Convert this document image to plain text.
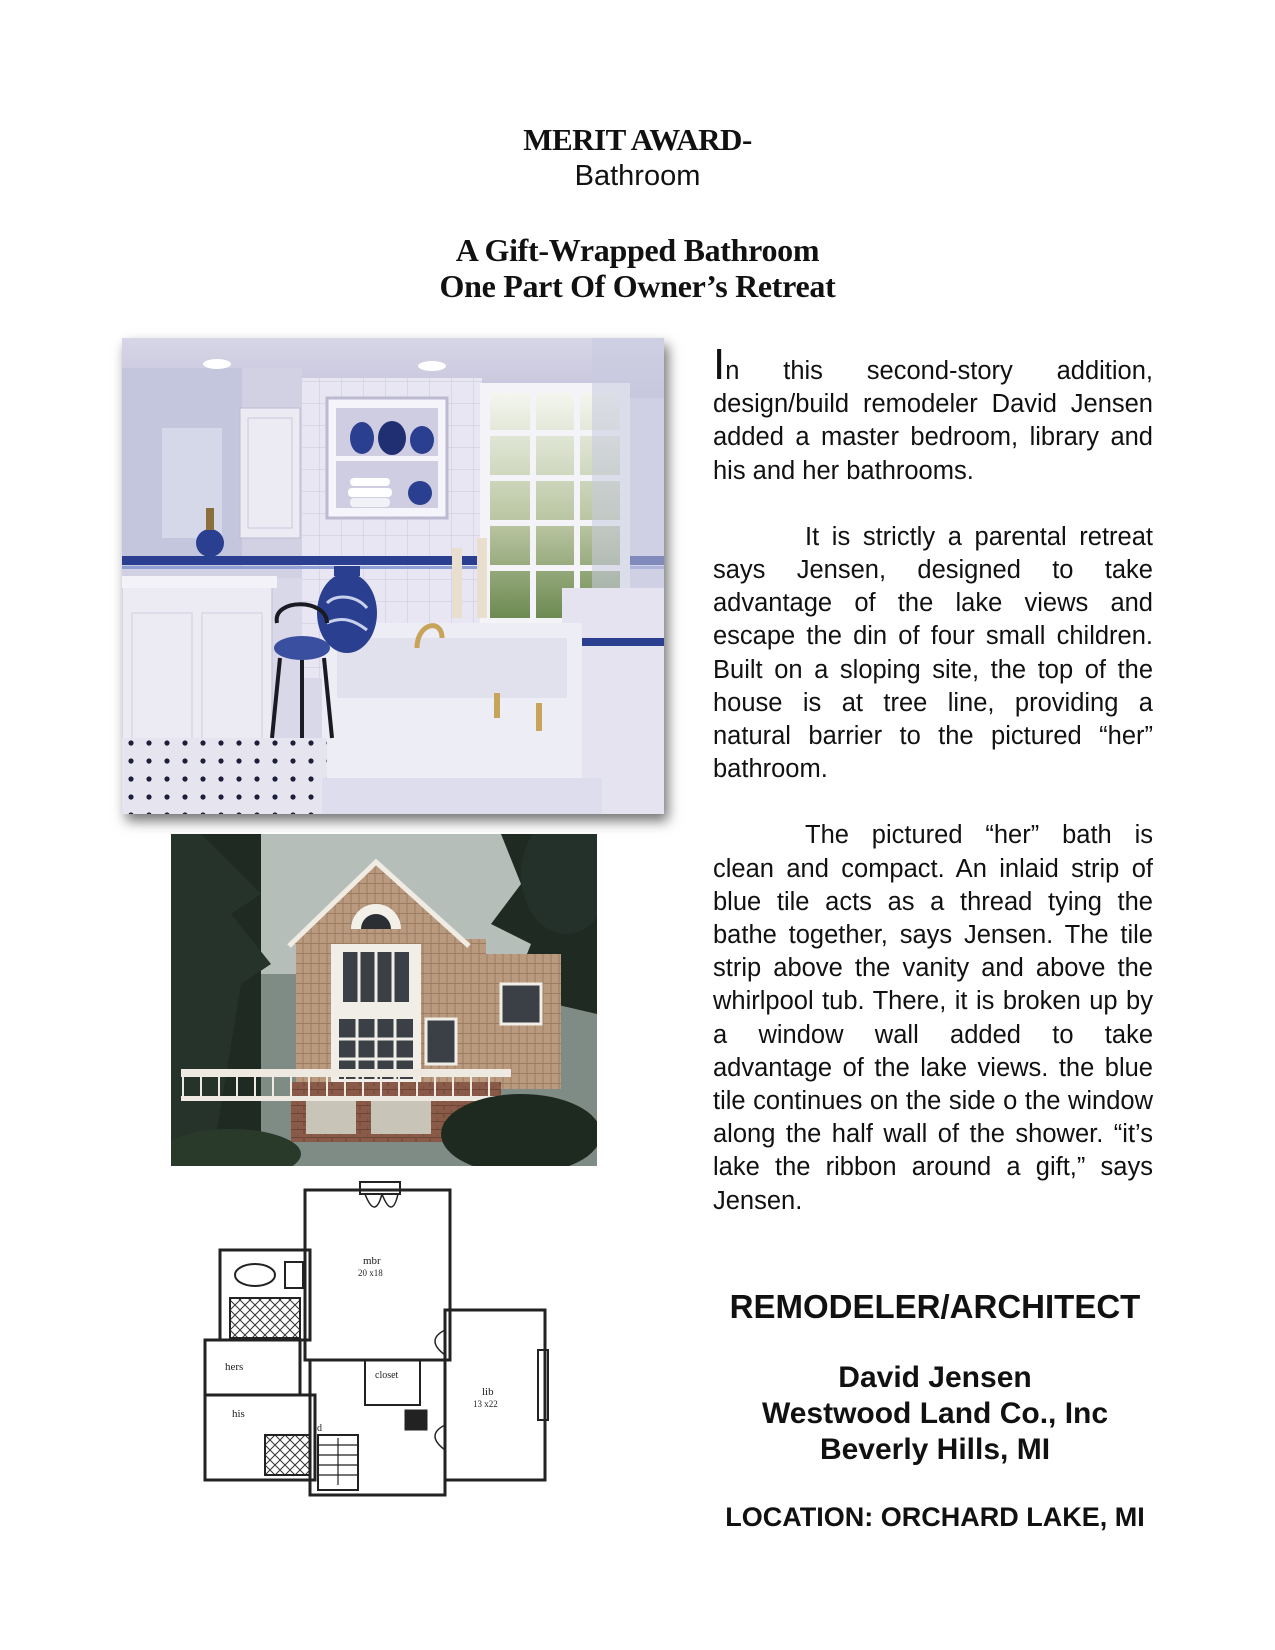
MERIT AWARD-
Bathroom
A Gift-Wrapped Bathroom
One Part Of Owner’s Retreat
mbr
20 x18
hers
his
closet
lib
13 x22
d

In this second-story addition, design/build remodeler David Jensen added a master bedroom, library and his and her bathrooms.

It is strictly a parental retreat says Jensen, designed to take advantage of the lake views and escape the din of four small children. Built on a sloping site, the top of the house is at tree line, providing a natural barrier to the pictured “her” bathroom.

The pictured “her” bath is clean and compact. An inlaid strip of blue tile acts as a thread tying the bathe together, says Jensen. The tile strip above the vanity and above the whirlpool tub. There, it is broken up by a window wall added to take advantage of the lake views. the blue tile continues on the side o the window along the half wall of the shower. “it’s lake the ribbon around a gift,” says Jensen.

REMODELER/ARCHITECT
David Jensen
Westwood Land Co., Inc
Beverly Hills, MI
LOCATION: ORCHARD LAKE, MI
